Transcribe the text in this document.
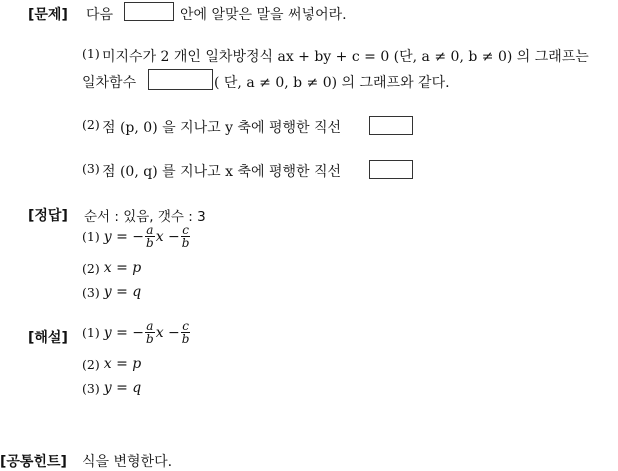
[문제] 다음	안에 알맞은 말을 써넣어라.
(1) 미지수가 2 개인 일차방정식 ax + by + c = 0 (단, a ≠ 0, b ≠ 0) 의 그래프는
일차함수	( 단, a ≠ 0, b ≠ 0) 의 그래프와 같다.
(2) 점 (p, 0) 을 지나고 y 축에 평행한 직선
(3) 점 (0, q) 를 지나고 x 축에 평행한 직선
[정답] 순서 : 있음, 갯수 : 3
(1) y = − $\frac{a}{b}$ $x - \frac{c}{b}$
(2) x = p
(3) y = q
[해설] (1) y = − $\frac{a}{b}$ $x - \frac{c}{b}$
(2) x = p
(3) y = q
[공통힌트] 식을 변형한다.
